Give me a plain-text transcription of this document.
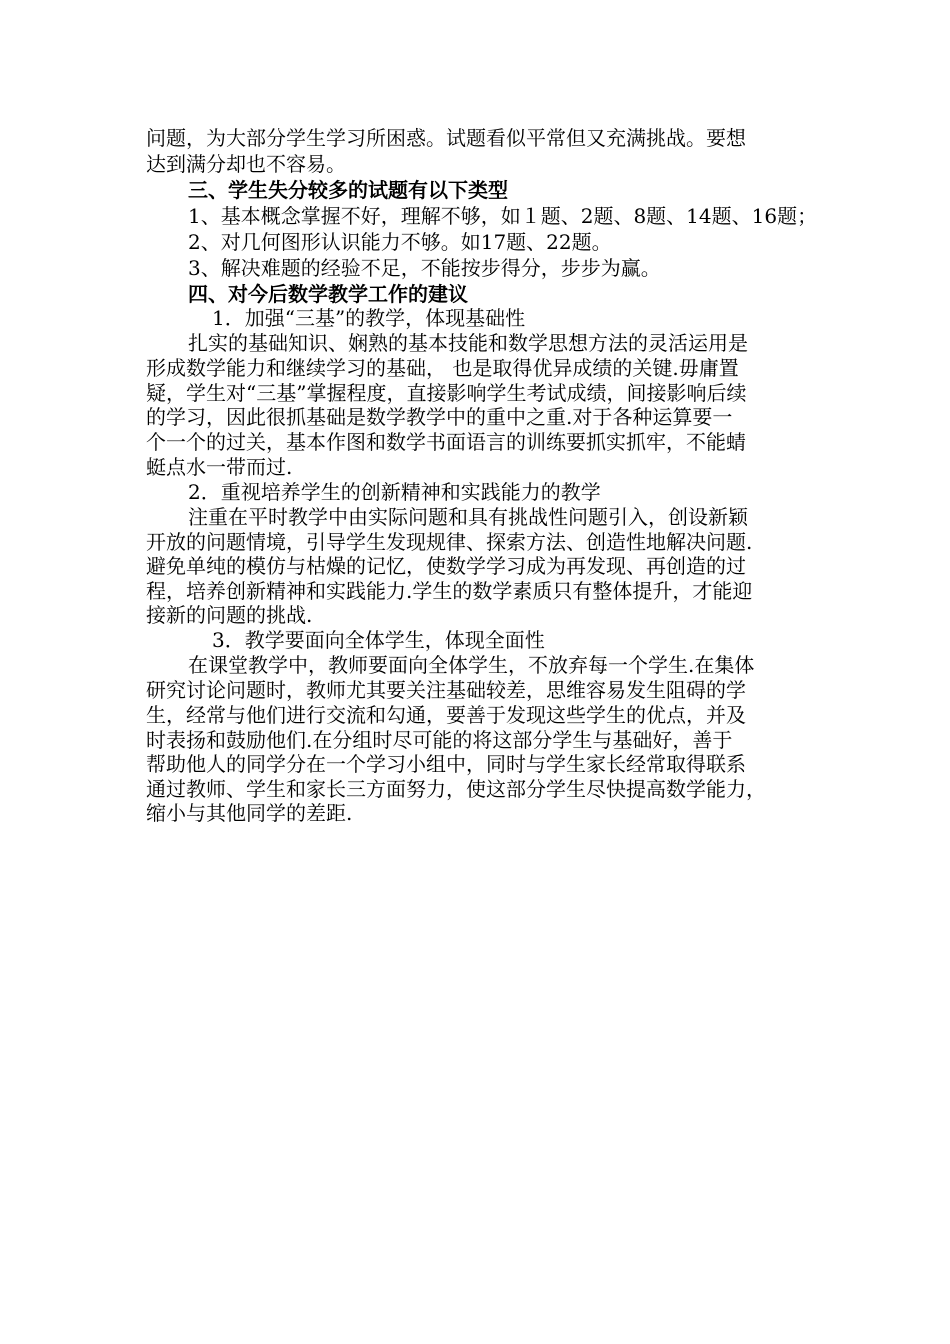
问题，为大部分学生学习所困惑。试题看似平常但又充满挑战。要想
达到满分却也不容易。
三、学生失分较多的试题有以下类型
1、基本概念掌握不好，理解不够，如１题、2题、8题、14题、16题；
2、对几何图形认识能力不够。如17题、22题。
3、解决难题的经验不足，不能按步得分，步步为赢。
四、对今后数学教学工作的建议
1．加强“三基”的教学，体现基础性
扎实的基础知识、娴熟的基本技能和数学思想方法的灵活运用是
形成数学能力和继续学习的基础， 也是取得优异成绩的关键.毋庸置
疑，学生对“三基”掌握程度，直接影响学生考试成绩，间接影响后续
的学习，因此很抓基础是数学教学中的重中之重.对于各种运算要一
个一个的过关，基本作图和数学书面语言的训练要抓实抓牢，不能蜻
蜓点水一带而过.
2．重视培养学生的创新精神和实践能力的教学
注重在平时教学中由实际问题和具有挑战性问题引入，创设新颖
开放的问题情境，引导学生发现规律、探索方法、创造性地解决问题.
避免单纯的模仿与枯燥的记忆，使数学学习成为再发现、再创造的过
程，培养创新精神和实践能力.学生的数学素质只有整体提升，才能迎
接新的问题的挑战.
3．教学要面向全体学生，体现全面性
在课堂教学中，教师要面向全体学生，不放弃每一个学生.在集体
研究讨论问题时，教师尤其要关注基础较差，思维容易发生阻碍的学
生，经常与他们进行交流和勾通，要善于发现这些学生的优点，并及
时表扬和鼓励他们.在分组时尽可能的将这部分学生与基础好，善于
帮助他人的同学分在一个学习小组中，同时与学生家长经常取得联系
通过教师、学生和家长三方面努力，使这部分学生尽快提高数学能力，
缩小与其他同学的差距.
